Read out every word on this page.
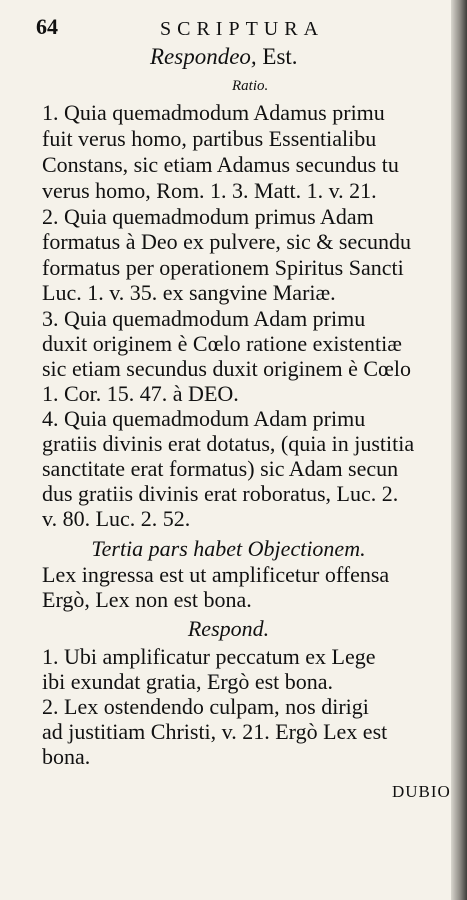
64	SCRIPTURA
Respondeo, Est.
Ratio.
1. Quia quemadmodum Adamus primu
fuit verus homo, partibus Essentialibu
Constans, sic etiam Adamus secundus tu
verus homo, Rom. 1. 3. Matt. 1. v. 21.
2. Quia quemadmodum primus Adam
formatus à Deo ex pulvere, sic & secundu
formatus per operationem Spiritus Sancti
Luc. 1. v. 35. ex sangvine Mariæ.
3. Quia quemadmodum Adam primu
duxit originem è Cœlo ratione existentiæ
sic etiam secundus duxit originem è Cœlo
1. Cor. 15. 47. à DEO.
4. Quia quemadmodum Adam primu
gratiis divinis erat dotatus, (quia in justitia
sanctitate erat formatus) sic Adam secun
dus gratiis divinis erat roboratus, Luc. 2.
v. 80. Luc. 2. 52.
Tertia pars habet Objectionem.
Lex ingressa est ut amplificetur offensa
Ergò, Lex non est bona.
Respond.
1. Ubi amplificatur peccatum ex Lege
ibi exundat gratia, Ergò est bona.
2. Lex ostendendo culpam, nos dirigi
ad justitiam Christi, v. 21. Ergò Lex est
bona.
DUBIO
